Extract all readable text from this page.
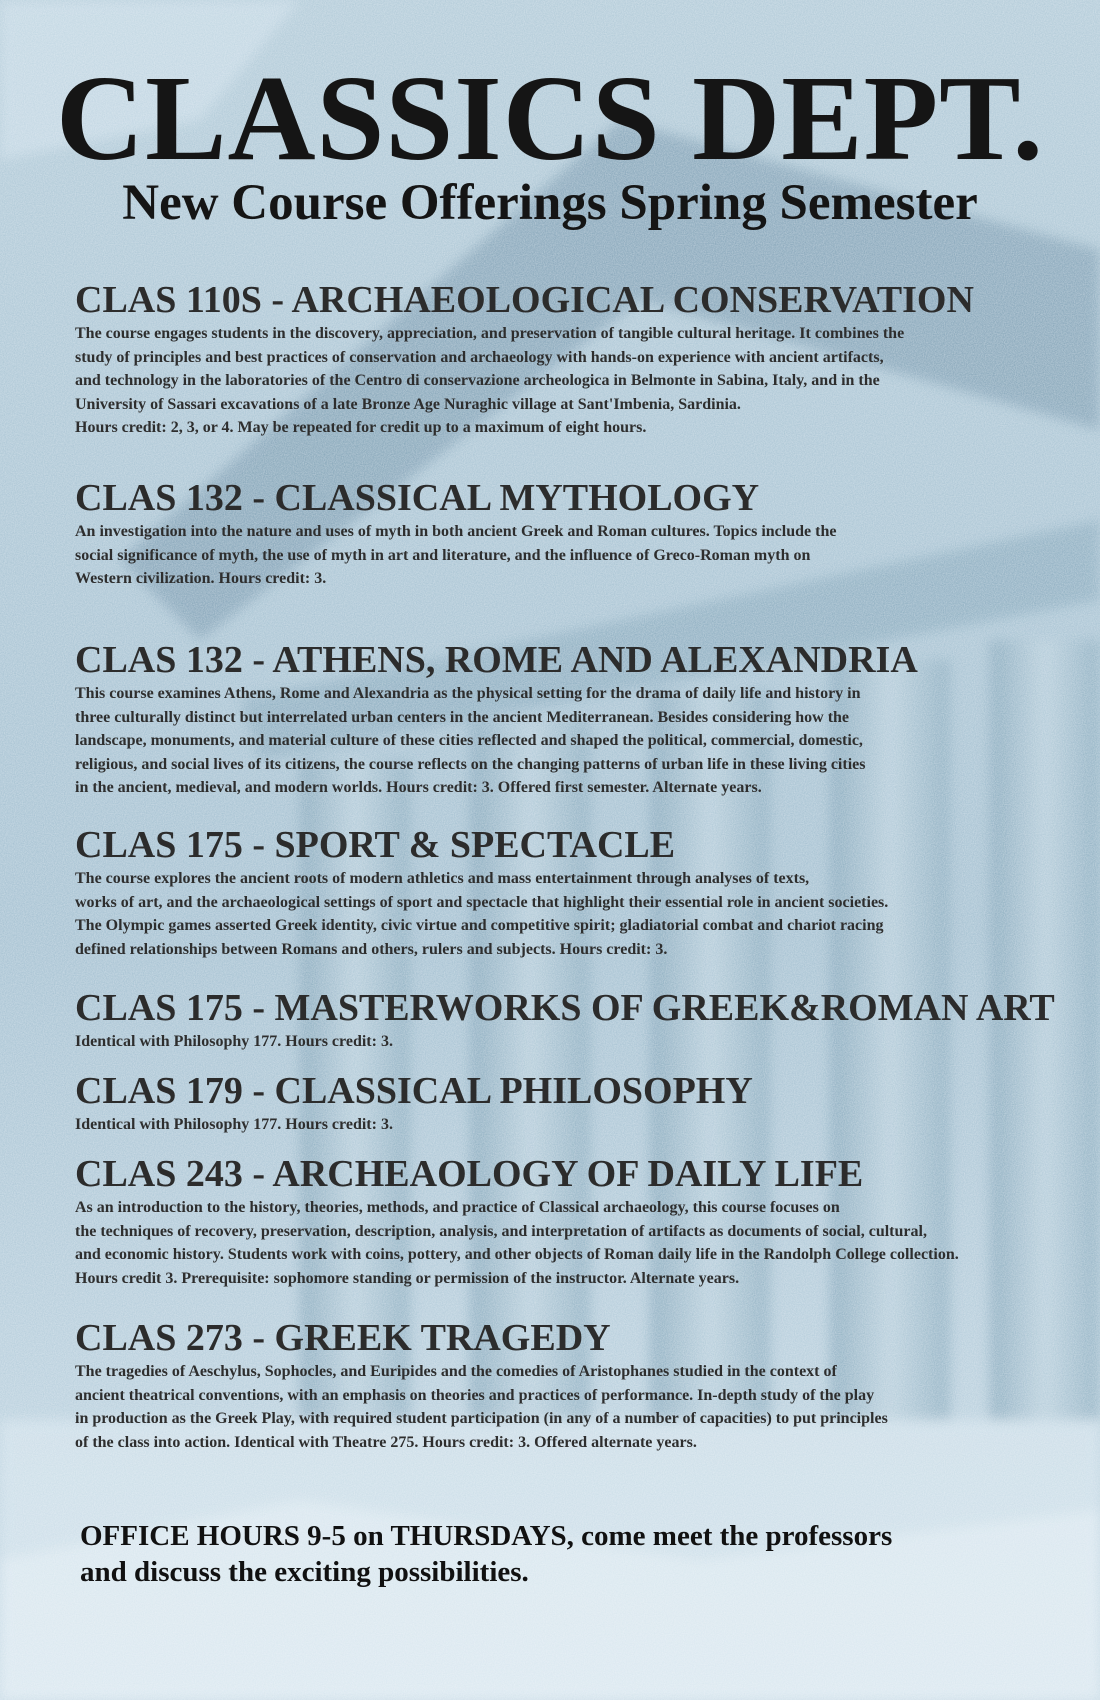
CLASSICS DEPT.
New Course Offerings Spring Semester
CLAS 110S - ARCHAEOLOGICAL CONSERVATION

The course engages students in the discovery, appreciation, and preservation of tangible cultural heritage. It combines the
study of principles and best practices of conservation and archaeology with hands-on experience with ancient artifacts,
and technology in the laboratories of the Centro di conservazione archeologica in Belmonte in Sabina, Italy, and in the
University of Sassari excavations of a late Bronze Age Nuraghic village at Sant'Imbenia, Sardinia.
Hours credit: 2, 3, or 4. May be repeated for credit up to a maximum of eight hours.

CLAS 132 - CLASSICAL MYTHOLOGY

An investigation into the nature and uses of myth in both ancient Greek and Roman cultures. Topics include the
social significance of myth, the use of myth in art and literature, and the influence of Greco-Roman myth on
Western civilization. Hours credit: 3.

CLAS 132 - ATHENS, ROME AND ALEXANDRIA

This course examines Athens, Rome and Alexandria as the physical setting for the drama of daily life and history in
three culturally distinct but interrelated urban centers in the ancient Mediterranean. Besides considering how the
landscape, monuments, and material culture of these cities reflected and shaped the political, commercial, domestic,
religious, and social lives of its citizens, the course reflects on the changing patterns of urban life in these living cities
in the ancient, medieval, and modern worlds. Hours credit: 3. Offered first semester. Alternate years.

CLAS 175 - SPORT & SPECTACLE

The course explores the ancient roots of modern athletics and mass entertainment through analyses of texts,
works of art, and the archaeological settings of sport and spectacle that highlight their essential role in ancient societies.
The Olympic games asserted Greek identity, civic virtue and competitive spirit; gladiatorial combat and chariot racing
defined relationships between Romans and others, rulers and subjects. Hours credit: 3.

CLAS 175 - MASTERWORKS OF GREEK&ROMAN ART

Identical with Philosophy 177. Hours credit: 3.

CLAS 179 - CLASSICAL PHILOSOPHY

Identical with Philosophy 177. Hours credit: 3.

CLAS 243 - ARCHEAOLOGY OF DAILY LIFE

As an introduction to the history, theories, methods, and practice of Classical archaeology, this course focuses on
the techniques of recovery, preservation, description, analysis, and interpretation of artifacts as documents of social, cultural,
and economic history. Students work with coins, pottery, and other objects of Roman daily life in the Randolph College collection.
Hours credit 3. Prerequisite: sophomore standing or permission of the instructor. Alternate years.

CLAS 273 - GREEK TRAGEDY

The tragedies of Aeschylus, Sophocles, and Euripides and the comedies of Aristophanes studied in the context of
ancient theatrical conventions, with an emphasis on theories and practices of performance. In-depth study of the play
in production as the Greek Play, with required student participation (in any of a number of capacities) to put principles
of the class into action. Identical with Theatre 275. Hours credit: 3. Offered alternate years.

OFFICE HOURS 9-5 on THURSDAYS, come meet the professors
and discuss the exciting possibilities.
